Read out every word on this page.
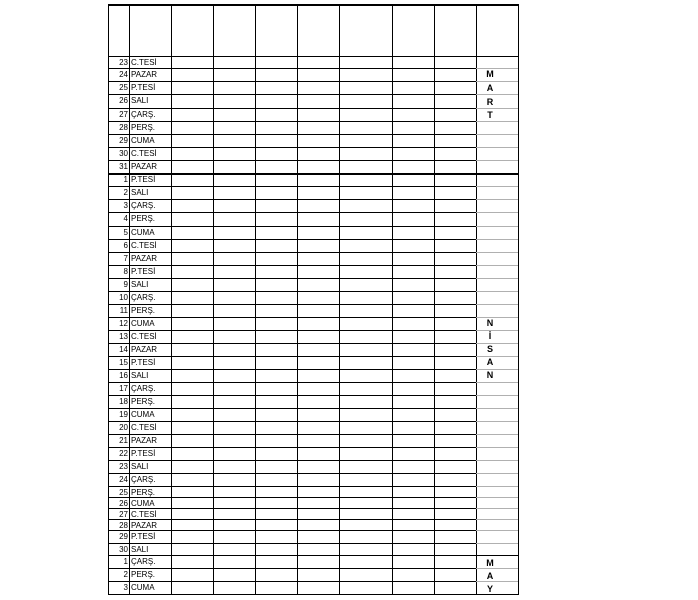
23 C.TESİ
24 PAZAR
25 P.TESİ
26 SALI
27 ÇARŞ.
28 PERŞ.
29 CUMA
30 C.TESİ
31 PAZAR
1 P.TESİ
2 SALI
3 ÇARŞ.
4 PERŞ.
5 CUMA
6 C.TESİ
7 PAZAR
8 P.TESİ
9 SALI
10 ÇARŞ.
11 PERŞ.
12 CUMA
13 C.TESİ
14 PAZAR
15 P.TESİ
16 SALI
17 ÇARŞ.
18 PERŞ.
19 CUMA
20 C.TESİ
21 PAZAR
22 P.TESİ
23 SALI
24 ÇARŞ.
25 PERŞ.
26 CUMA
27 C.TESİ
28 PAZAR
29 P.TESİ
30 SALI
1 ÇARŞ.
2 PERŞ.
3 CUMA
M
A
R
T
N
İ
S
A
N
M
A
Y
